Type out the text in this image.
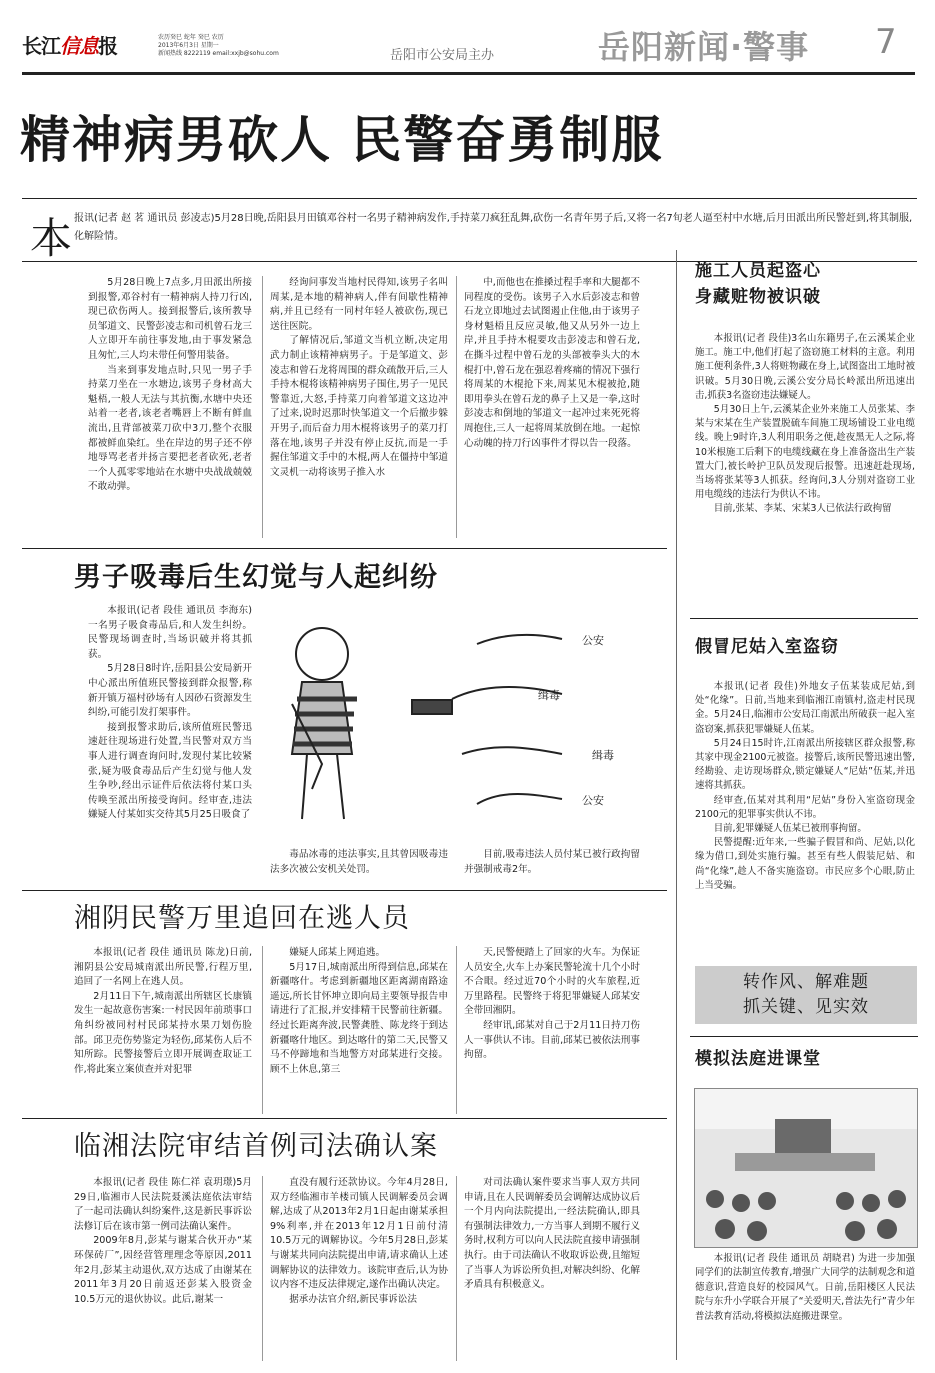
长江信息报	农历癸巳 蛇年 癸巳 农历
2013年6月3日 星期一
新闻热线 8222119 email:xxjb@sohu.com	岳阳市公安局主办	岳阳新闻·警事 7
精神病男砍人 民警奋勇制服
本 报讯(记者 赵 茗 通讯员 彭凌志)5月28日晚,岳阳县月田镇邓谷村一名男子精神病发作,手持菜刀疯狂乱舞,砍伤一名青年男子后,又将一名7旬老人逼至村中水塘,后月田派出所民警赶到,将其制服,化解险情。

5月28日晚上7点多,月田派出所接到报警,邓谷村有一精神病人持刀行凶,现已砍伤两人。接到报警后,该所教导员邹道文、民警彭凌志和司机曾石龙三人立即开车前往事发地,由于事发紧急且匆忙,三人均未带任何警用装备。

当来到事发地点时,只见一男子手持菜刀坐在一水塘边,该男子身材高大魁梧,一般人无法与其抗衡,水塘中央还站着一老者,该老者嘴唇上不断有鲜血流出,且背部被菜刀砍中3刀,整个衣服都被鲜血染红。坐在岸边的男子还不停地辱骂老者并扬言要把老者砍死,老者一个人孤零零地站在水塘中央战战兢兢不敢动弹。

经询问事发当地村民得知,该男子名叫周某,是本地的精神病人,伴有间歇性精神病,并且已经有一同村年轻人被砍伤,现已送往医院。

了解情况后,邹道文当机立断,决定用武力制止该精神病男子。于是邹道文、彭凌志和曾石龙将周围的群众疏散开后,三人手持木棍将该精神病男子围住,男子一见民警靠近,大怒,手持菜刀向着邹道文这边冲了过来,说时迟那时快邹道文一个后撤步躲开男子,而后奋力用木棍将该男子的菜刀打落在地,该男子并没有停止反抗,而是一手握住邹道文手中的木棍,两人在僵持中邹道文灵机一动将该男子推入水

中,而他也在推搡过程手率和大腿都不同程度的受伤。该男子入水后彭凌志和曾石龙立即地过去试图遏止住他,由于该男子身材魁梧且反应灵敏,他又从另外一边上岸,并且手持木棍要攻击彭凌志和曾石龙,在撕斗过程中曾石龙的头部被拳头大的木棍打中,曾石龙在强忍着疼痛的情况下强行将周某的木棍抢下来,周某见木棍被抢,随即用拳头在曾石龙的鼻子上又是一拳,这时彭凌志和倒地的邹道文一起冲过来死死将周抱住,三人一起将周某放倒在地。一起惊心动魄的持刀行凶事件才得以告一段落。

男子吸毒后生幻觉与人起纠纷

本报讯(记者 段佳 通讯员 李海东)一名男子吸食毒品后,和人发生纠纷。民警现场调查时,当场识破并将其抓获。

5月28日8时许,岳阳县公安局新开中心派出所值班民警接到群众报警,称新开镇万福村砂场有人因砂石资源发生纠纷,可能引发打架事件。

接到报警求助后,该所值班民警迅速赶往现场进行处置,当民警对双方当事人进行调查询问时,发现付某比较紧张,疑为吸食毒品后产生幻觉与他人发生争吵,经出示证件后依法将付某口头传唤至派出所接受询问。经审查,违法嫌疑人付某如实交待其5月25日吸食了

公安
缉毒
缉毒
公安

毒品冰毒的违法事实,且其曾因吸毒违法多次被公安机关处罚。

目前,吸毒违法人员付某已被行政拘留并强制戒毒2年。

湘阴民警万里追回在逃人员

本报讯(记者 段佳 通讯员 陈龙)日前,湘阴县公安局城南派出所民警,行程万里,追回了一名网上在逃人员。

2月11日下午,城南派出所辖区长康镇发生一起故意伤害案:一村民因年前琐事口角纠纷被同村村民邱某持水果刀划伤脸部。邱卫売伤势鉴定为轻伤,邱某伤人后不知所踪。民警接警后立即开展调查取证工作,将此案立案侦查并对犯罪

嫌疑人邱某上网追逃。

5月17日,城南派出所得到信息,邱某在新疆喀什。考虑到新疆地区距离湖南路途遥远,所长甘怀坤立即向局主要领导报告申请进行了汇报,并安排精干民警前往新疆。经过长距离奔波,民警龚胜、陈龙终于到达新疆喀什地区。到达喀什的第二天,民警又马不停蹄地和当地警方对邱某进行交接。顾不上休息,第三

天,民警便踏上了回家的火车。为保证人员安全,火车上办案民警轮流十几个小时不合眼。经过近70个小时的火车旅程,近万里路程。民警终于将犯罪嫌疑人邱某安全带回湘阴。

经审讯,邱某对自己于2月11日持刀伤人一事供认不讳。目前,邱某已被依法刑事拘留。

临湘法院审结首例司法确认案

本报讯(记者 段佳 陈仁祥 袁玥璟)5月29日,临湘市人民法院聂溪法庭依法审结了一起司法确认纠纷案件,这是新民事诉讼法修订后在该市第一例司法确认案件。

2009年8月,彭某与谢某合伙开办“某环保砖厂”,因经营管理理念等原因,2011年2月,彭某主动退伙,双方达成了由谢某在2011年3月20日前返还彭某入股资金10.5万元的退伙协议。此后,谢某一

直没有履行还款协议。今年4月28日,双方经临湘市羊楼司镇人民调解委员会调解,达成了从2013年2月1日起由谢某承担9%利率,并在2013年12月1日前付清10.5万元的调解协议。今年5月28日,彭某与谢某共同向法院提出申请,请求确认上述调解协议的法律效力。该院审查后,认为协议内容不违反法律规定,遂作出确认决定。

据承办法官介绍,新民事诉讼法

对司法确认案件要求当事人双方共同申请,且在人民调解委员会调解达成协议后一个月内向法院提出,一经法院确认,即具有强制法律效力,一方当事人到期不履行义务时,权利方可以向人民法院直接申请强制执行。由于司法确认不收取诉讼费,且缩短了当事人为诉讼所负担,对解决纠纷、化解矛盾具有积极意义。

施工人员起盗心
身藏赃物被识破

本报讯(记者 段佳)3名山东籍男子,在云溪某企业施工。施工中,他们打起了盗窃施工材料的主意。利用施工便利条件,3人将赃物藏在身上,试图盗出工地时被识破。5月30日晚,云溪公安分局长岭派出所迅速出击,抓获3名盗窃违法嫌疑人。

5月30日上午,云溪某企业外来施工人员张某、李某与宋某在生产装置脱硫车间施工现场铺设工业电缆线。晚上9时许,3人利用职务之便,趁夜黑无人之际,将10米根施工后剩下的电缆线藏在身上准备盗出生产装置大门,被长岭护卫队员发现后报警。迅速赶赴现场,当场将张某等3人抓获。经询问,3人分别对盗窃工业用电缆线的违法行为供认不讳。

目前,张某、李某、宋某3人已依法行政拘留

假冒尼姑入室盗窃

本报讯(记者 段佳)外地女子伍某装成尼姑,到处“化缘”。日前,当地来到临湘江南镇村,盗走村民现金。5月24日,临湘市公安局江南派出所破获一起入室盗窃案,抓获犯罪嫌疑人伍某。

5月24日15时许,江南派出所接辖区群众报警,称其家中现金2100元被盗。接警后,该所民警迅速出警,经勘验、走访现场群众,锁定嫌疑人“尼姑”伍某,并迅速将其抓获。

经审查,伍某对其利用“尼姑”身份入室盗窃现金2100元的犯罪事实供认不讳。

目前,犯罪嫌疑人伍某已被刑事拘留。

民警提醒:近年来,一些骗子假冒和尚、尼姑,以化缘为借口,到处实施行骗。甚至有些人假装尼姑、和尚“化缘”,趁人不备实施盗窃。市民应多个心眼,防止上当受骗。

转作风、解难题
抓关键、见实效
模拟法庭进课堂

本报讯(记者 段佳 通讯员 胡晓君) 为进一步加强同学们的法制宣传教育,增强广大同学的法制观念和道德意识,营造良好的校园风气。日前,岳阳楼区人民法院与东升小学联合开展了“关爱明天,普法先行”青少年普法教育活动,将模拟法庭搬进课堂。
